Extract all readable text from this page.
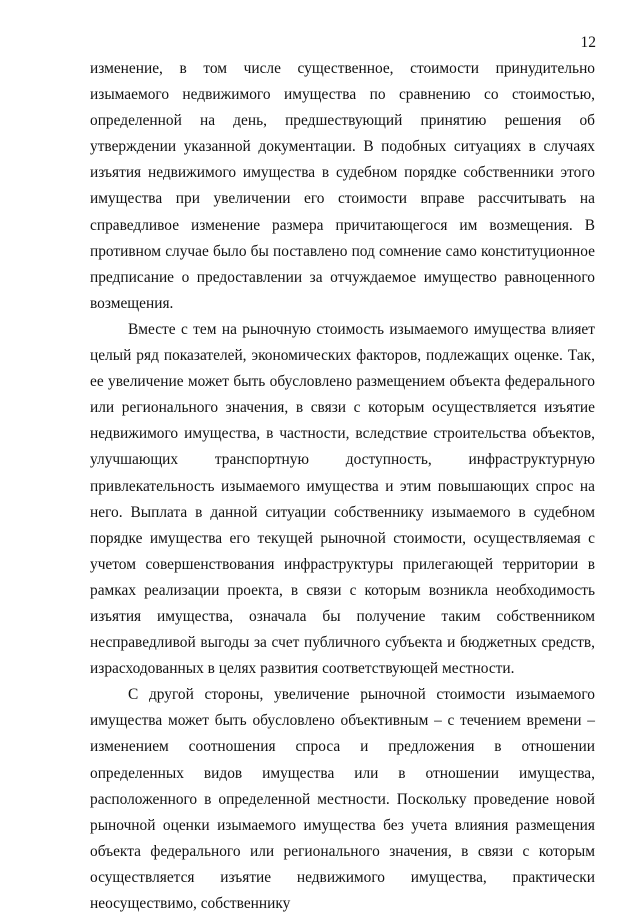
12

изменение, в том числе существенное, стоимости принудительно изымаемого недвижимого имущества по сравнению со стоимостью, определенной на день, предшествующий принятию решения об утверждении указанной документации. В подобных ситуациях в случаях изъятия недвижимого имущества в судебном порядке собственники этого имущества при увеличении его стоимости вправе рассчитывать на справедливое изменение размера причитающегося им возмещения. В противном случае было бы поставлено под сомнение само конституционное предписание о предоставлении за отчуждаемое имущество равноценного возмещения.

Вместе с тем на рыночную стоимость изымаемого имущества влияет целый ряд показателей, экономических факторов, подлежащих оценке. Так, ее увеличение может быть обусловлено размещением объекта федерального или регионального значения, в связи с которым осуществляется изъятие недвижимого имущества, в частности, вследствие строительства объектов, улучшающих транспортную доступность, инфраструктурную привлекательность изымаемого имущества и этим повышающих спрос на него. Выплата в данной ситуации собственнику изымаемого в судебном порядке имущества его текущей рыночной стоимости, осуществляемая с учетом совершенствования инфраструктуры прилегающей территории в рамках реализации проекта, в связи с которым возникла необходимость изъятия имущества, означала бы получение таким собственником несправедливой выгоды за счет публичного субъекта и бюджетных средств, израсходованных в целях развития соответствующей местности.

С другой стороны, увеличение рыночной стоимости изымаемого имущества может быть обусловлено объективным – с течением времени – изменением соотношения спроса и предложения в отношении определенных видов имущества или в отношении имущества, расположенного в определенной местности. Поскольку проведение новой рыночной оценки изымаемого имущества без учета влияния размещения объекта федерального или регионального значения, в связи с которым осуществляется изъятие недвижимого имущества, практически неосуществимо, собственнику
